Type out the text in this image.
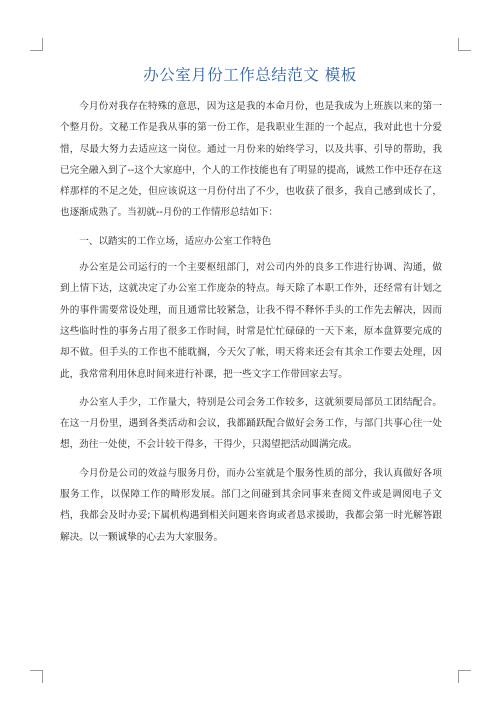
办公室月份工作总结范文 模板

今月份对我存在特殊的意思，因为这是我的本命月份，也是我成为上班族以来的第一个整月份。文秘工作是我从事的第一份工作，是我职业生涯的一个起点，我对此也十分爱惜，尽最大努力去适应这一岗位。通过一月份来的始终学习，以及共事、引导的帮助，我已完全融入到了--这个大家庭中，个人的工作技能也有了明显的提高，诚然工作中还存在这样那样的不足之处，但应该说这一月份付出了不少，也收获了很多，我自己感到成长了，也逐渐成熟了。当初就--月份的工作情形总结如下：

一、以踏实的工作立场，适应办公室工作特色

办公室是公司运行的一个主要枢纽部门，对公司内外的良多工作进行协调、沟通，做到上情下达，这就决定了办公室工作庞杂的特点。每天除了本职工作外，还经常有计划之外的事件需要常设处理，而且通常比较紧急，让我不得不释怀手头的工作先去解决，因而这些临时性的事务占用了很多工作时间，时常是忙忙碌碌的一天下来，原本盘算要完成的却不做。但手头的工作也不能耽搁，今天欠了帐，明天将来还会有其余工作要去处理，因此，我常常利用休息时间来进行补课，把一些文字工作带回家去写。

办公室人手少，工作量大，特别是公司会务工作较多，这就须要局部员工团结配合。在这一月份里，遇到各类活动和会议，我都踊跃配合做好会务工作，与部门共事心往一处想，劲往一处使，不会计较干得多，干得少，只渴望把活动圆满完成。

今月份是公司的效益与服务月份，而办公室就是个服务性质的部分，我认真做好各项服务工作，以保障工作的畸形发展。部门之间碰到其余同事来查阅文件或是调阅电子文档，我都会及时办妥;下属机构遇到相关问题来咨询或者恳求援助，我都会第一时光解答跟解决。以一颗诚挚的心去为大家服务。
